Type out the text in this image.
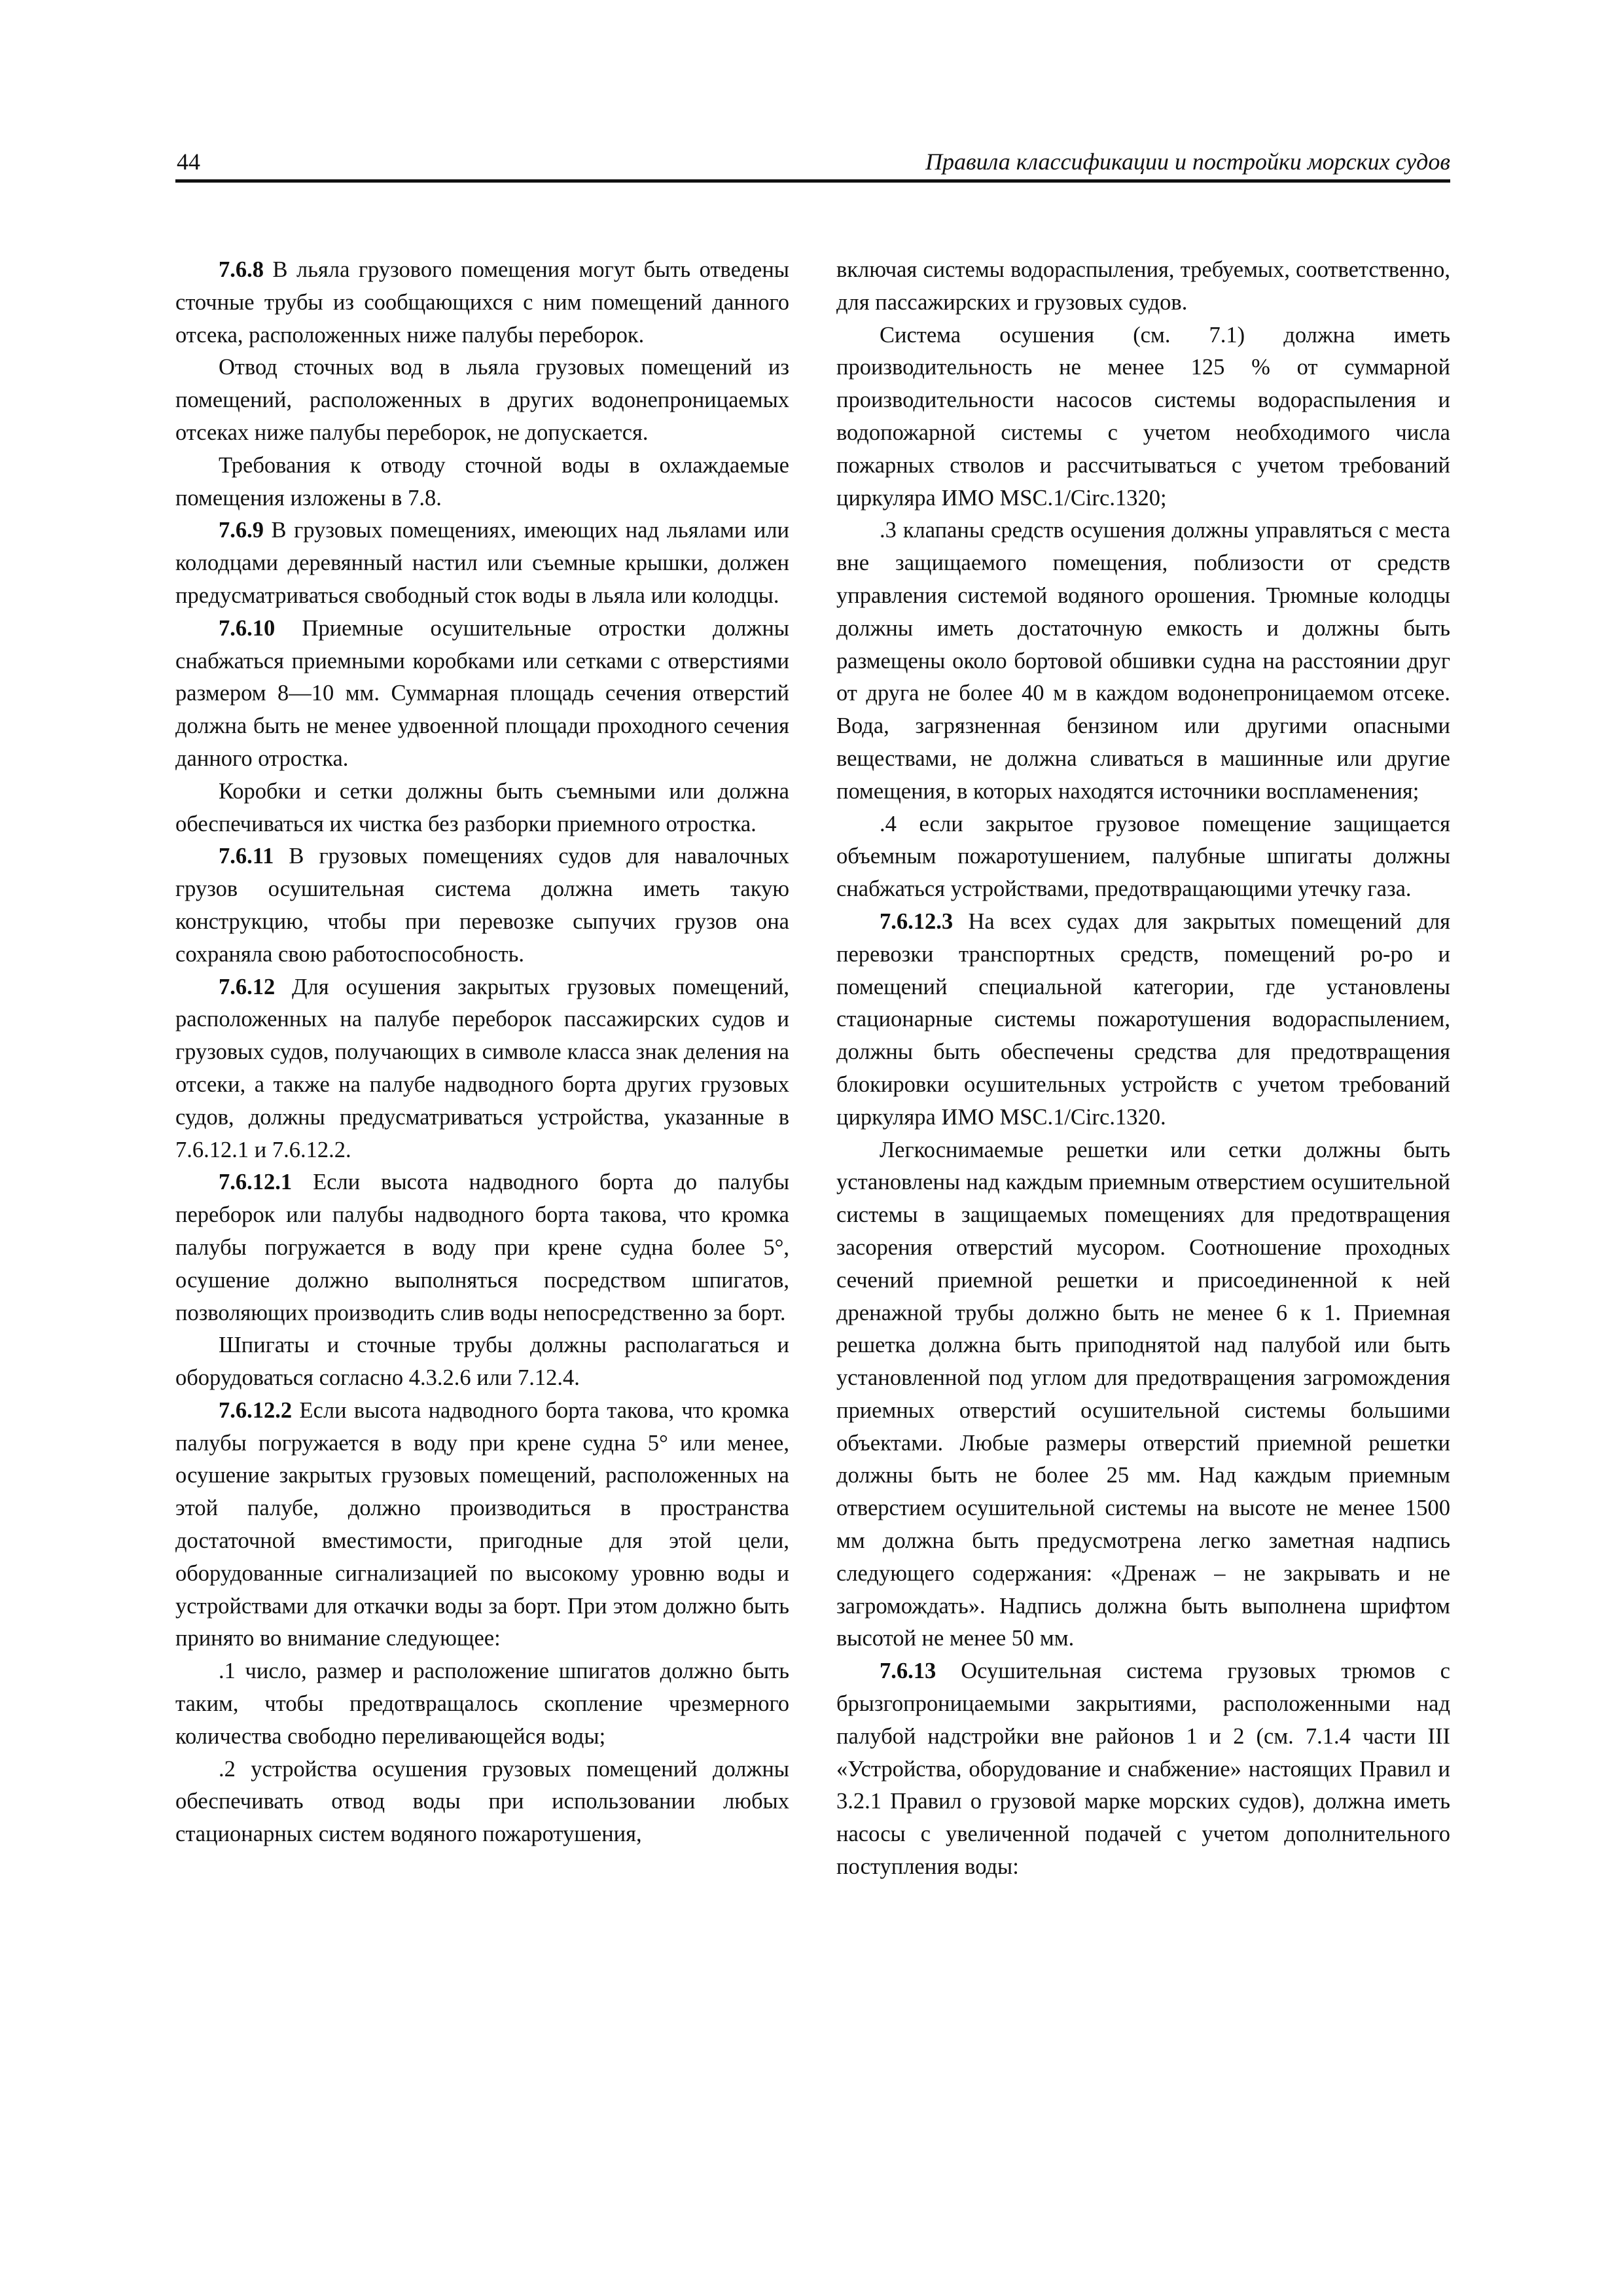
44	Правила классификации и постройки морских судов

7.6.8 В льяла грузового помещения могут быть отведены сточные трубы из сообщающихся с ним помещений данного отсека, расположенных ниже палубы переборок.

Отвод сточных вод в льяла грузовых помещений из помещений, расположенных в других водонепроницаемых отсеках ниже палубы переборок, не допускается.

Требования к отводу сточной воды в охлаждаемые помещения изложены в 7.8.

7.6.9 В грузовых помещениях, имеющих над льялами или колодцами деревянный настил или съемные крышки, должен предусматриваться свободный сток воды в льяла или колодцы.

7.6.10 Приемные осушительные отростки должны снабжаться приемными коробками или сетками с отверстиями размером 8—10 мм. Суммарная площадь сечения отверстий должна быть не менее удвоенной площади проходного сечения данного отростка.

Коробки и сетки должны быть съемными или должна обеспечиваться их чистка без разборки приемного отростка.

7.6.11 В грузовых помещениях судов для навалочных грузов осушительная система должна иметь такую конструкцию, чтобы при перевозке сыпучих грузов она сохраняла свою работоспособность.

7.6.12 Для осушения закрытых грузовых помещений, расположенных на палубе переборок пассажирских судов и грузовых судов, получающих в символе класса знак деления на отсеки, а также на палубе надводного борта других грузовых судов, должны предусматриваться устройства, указанные в 7.6.12.1 и 7.6.12.2.

7.6.12.1 Если высота надводного борта до палубы переборок или палубы надводного борта такова, что кромка палубы погружается в воду при крене судна более 5°, осушение должно выполняться посредством шпигатов, позволяющих производить слив воды непосредственно за борт.

Шпигаты и сточные трубы должны располагаться и оборудоваться согласно 4.3.2.6 или 7.12.4.

7.6.12.2 Если высота надводного борта такова, что кромка палубы погружается в воду при крене судна 5° или менее, осушение закрытых грузовых помещений, расположенных на этой палубе, должно производиться в пространства достаточной вместимости, пригодные для этой цели, оборудованные сигнализацией по высокому уровню воды и устройствами для откачки воды за борт. При этом должно быть принято во внимание следующее:

.1 число, размер и расположение шпигатов должно быть таким, чтобы предотвращалось скопление чрезмерного количества свободно переливающейся воды;

.2 устройства осушения грузовых помещений должны обеспечивать отвод воды при использовании любых стационарных систем водяного пожаротушения,

включая системы водораспыления, требуемых, соответственно, для пассажирских и грузовых судов.

Система осушения (см. 7.1) должна иметь производительность не менее 125 % от суммарной производительности насосов системы водораспыления и водопожарной системы с учетом необходимого числа пожарных стволов и рассчитываться с учетом требований циркуляра ИМО MSC.1/Circ.1320;

.3 клапаны средств осушения должны управляться с места вне защищаемого помещения, поблизости от средств управления системой водяного орошения. Трюмные колодцы должны иметь достаточную емкость и должны быть размещены около бортовой обшивки судна на расстоянии друг от друга не более 40 м в каждом водонепроницаемом отсеке. Вода, загрязненная бензином или другими опасными веществами, не должна сливаться в машинные или другие помещения, в которых находятся источники воспламенения;

.4 если закрытое грузовое помещение защищается объемным пожаротушением, палубные шпигаты должны снабжаться устройствами, предотвращающими утечку газа.

7.6.12.3 На всех судах для закрытых помещений для перевозки транспортных средств, помещений ро-ро и помещений специальной категории, где установлены стационарные системы пожаротушения водораспылением, должны быть обеспечены средства для предотвращения блокировки осушительных устройств с учетом требований циркуляра ИМО MSC.1/Circ.1320.

Легкоснимаемые решетки или сетки должны быть установлены над каждым приемным отверстием осушительной системы в защищаемых помещениях для предотвращения засорения отверстий мусором. Соотношение проходных сечений приемной решетки и присоединенной к ней дренажной трубы должно быть не менее 6 к 1. Приемная решетка должна быть приподнятой над палубой или быть установленной под углом для предотвращения загромождения приемных отверстий осушительной системы большими объектами. Любые размеры отверстий приемной решетки должны быть не более 25 мм. Над каждым приемным отверстием осушительной системы на высоте не менее 1500 мм должна быть предусмотрена легко заметная надпись следующего содержания: «Дренаж – не закрывать и не загромождать». Надпись должна быть выполнена шрифтом высотой не менее 50 мм.

7.6.13 Осушительная система грузовых трюмов с брызгопроницаемыми закрытиями, расположенными над палубой надстройки вне районов 1 и 2 (см. 7.1.4 части III «Устройства, оборудование и снабжение» настоящих Правил и 3.2.1 Правил о грузовой марке морских судов), должна иметь насосы с увеличенной подачей с учетом дополнительного поступления воды:
